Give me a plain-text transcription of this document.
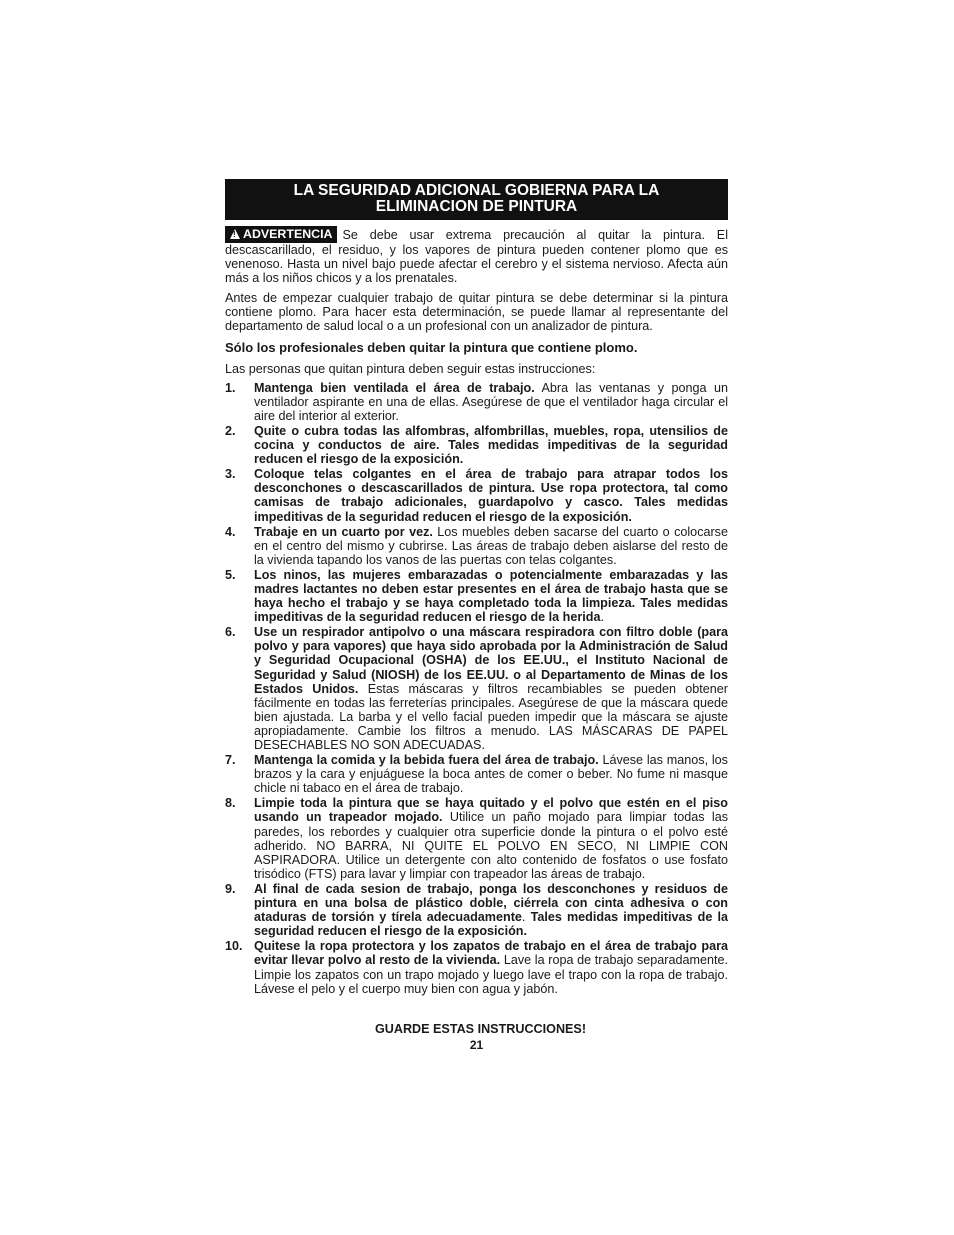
LA SEGURIDAD ADICIONAL GOBIERNA PARA LA
ELIMINACION DE PINTURA

!ADVERTENCIA Se debe usar extrema precaución al quitar la pintura. El descascarillado, el residuo, y los vapores de pintura pueden contener plomo que es venenoso. Hasta un nivel bajo puede afectar el cerebro y el sistema nervioso. Afecta aún más a los niños chicos y a los prenatales.

Antes de empezar cualquier trabajo de quitar pintura se debe determinar si la pintura contiene plomo. Para hacer esta determinación, se puede llamar al representante del departamento de salud local o a un profesional con un analizador de pintura.

Sólo los profesionales deben quitar la pintura que contiene plomo.

Las personas que quitan pintura deben seguir estas instrucciones:

1. Mantenga bien ventilada el área de trabajo. Abra las ventanas y ponga un ventilador aspirante en una de ellas. Asegúrese de que el ventilador haga circular el aire del interior al exterior.

2. Quite o cubra todas las alfombras, alfombrillas, muebles, ropa, utensilios de cocina y conductos de aire. Tales medidas impeditivas de la seguridad reducen el riesgo de la exposición.

3. Coloque telas colgantes en el área de trabajo para atrapar todos los desconchones o descascarillados de pintura. Use ropa protectora, tal como camisas de trabajo adicionales, guardapolvo y casco. Tales medidas impeditivas de la seguridad reducen el riesgo de la exposición.

4. Trabaje en un cuarto por vez. Los muebles deben sacarse del cuarto o colocarse en el centro del mismo y cubrirse. Las áreas de trabajo deben aislarse del resto de la vivienda tapando los vanos de las puertas con telas colgantes.

5. Los ninos, las mujeres embarazadas o potencialmente embarazadas y las madres lactantes no deben estar presentes en el área de trabajo hasta que se haya hecho el trabajo y se haya completado toda la limpieza. Tales medidas impeditivas de la seguridad reducen el riesgo de la herida.

6. Use un respirador antipolvo o una máscara respiradora con filtro doble (para polvo y para vapores) que haya sido aprobada por la Administración de Salud y Seguridad Ocupacional (OSHA) de los EE.UU., el Instituto Nacional de Seguridad y Salud (NIOSH) de los EE.UU. o al Departamento de Minas de los Estados Unidos. Estas máscaras y filtros recambiables se pueden obtener fácilmente en todas las ferreterías principales. Asegúrese de que la máscara quede bien ajustada. La barba y el vello facial pueden impedir que la máscara se ajuste apropiadamente. Cambie los filtros a menudo. LAS MÁSCARAS DE PAPEL DESECHABLES NO SON ADECUADAS.

7. Mantenga la comida y la bebida fuera del área de trabajo. Lávese las manos, los brazos y la cara y enjuáguese la boca antes de comer o beber. No fume ni masque chicle ni tabaco en el área de trabajo.

8. Limpie toda la pintura que se haya quitado y el polvo que estén en el piso usando un trapeador mojado. Utilice un paño mojado para limpiar todas las paredes, los rebordes y cualquier otra superficie donde la pintura o el polvo esté adherido. NO BARRA, NI QUITE EL POLVO EN SECO, NI LIMPIE CON ASPIRADORA. Utilice un detergente con alto contenido de fosfatos o use fosfato trisódico (FTS) para lavar y limpiar con trapeador las áreas de trabajo.

9. Al final de cada sesion de trabajo, ponga los desconchones y residuos de pintura en una bolsa de plástico doble, ciérrela con cinta adhesiva o con ataduras de torsión y tírela adecuadamente. Tales medidas impeditivas de la seguridad reducen el riesgo de la exposición.

10. Quitese la ropa protectora y los zapatos de trabajo en el área de trabajo para evitar llevar polvo al resto de la vivienda. Lave la ropa de trabajo separadamente. Limpie los zapatos con un trapo mojado y luego lave el trapo con la ropa de trabajo. Lávese el pelo y el cuerpo muy bien con agua y jabón.

GUARDE ESTAS INSTRUCCIONES!
21
